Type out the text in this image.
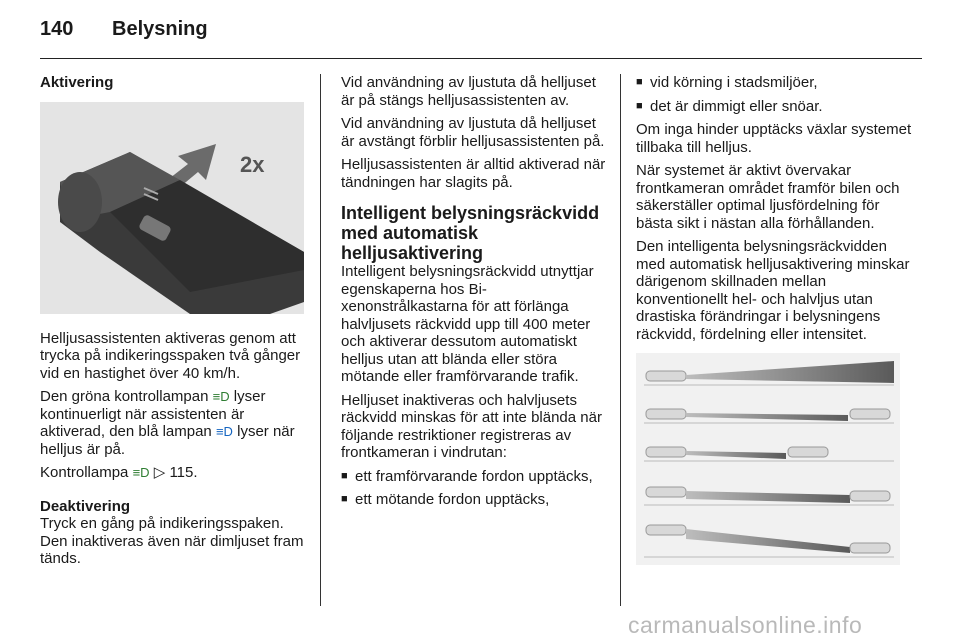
140 Belysning

Aktivering

2x

Helljusassistenten aktiveras genom att trycka på indikeringsspaken två gånger vid en hastighet över 40 km/h.

Den gröna kontrollampan ≡D lyser kontinuerligt när assistenten är aktiverad, den blå lampan ≡D lyser när helljus är på.

Kontrollampa ≡D ▷ 115.

Deaktivering

Tryck en gång på indikeringsspaken. Den inaktiveras även när dimljuset fram tänds.

Vid användning av ljustuta då helljuset är på stängs helljusassistenten av.

Vid användning av ljustuta då helljuset är avstängt förblir helljusassistenten på.

Helljusassistenten är alltid aktiverad när tändningen har slagits på.

Intelligent belysningsräckvidd med automatisk helljusaktivering

Intelligent belysningsräckvidd utnyttjar egenskaperna hos Bi-xenonstrålkastarna för att förlänga halvljusets räckvidd upp till 400 meter och aktiverar dessutom automatiskt helljus utan att blända eller störa mötande eller framförvarande trafik.

Helljuset inaktiveras och halvljusets räckvidd minskas för att inte blända när följande restriktioner registreras av frontkameran i vindrutan:

■ ett framförvarande fordon upptäcks,
■ ett mötande fordon upptäcks,
■ vid körning i stadsmiljöer,
■ det är dimmigt eller snöar.

Om inga hinder upptäcks växlar systemet tillbaka till helljus.

När systemet är aktivt övervakar frontkameran området framför bilen och säkerställer optimal ljusfördelning för bästa sikt i nästan alla förhållanden.

Den intelligenta belysningsräckvidden med automatisk helljusaktivering minskar därigenom skillnaden mellan konventionellt hel- och halvljus utan drastiska förändringar i belysningens räckvidd, fördelning eller intensitet.

carmanualsonline.info
